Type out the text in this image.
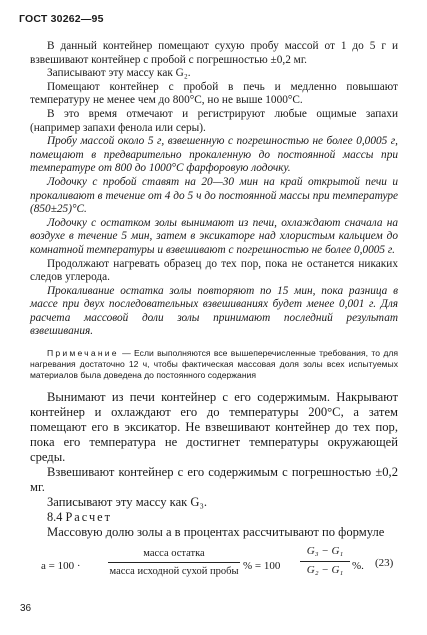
ГОСТ 30262—95

В данный контейнер помещают сухую пробу массой от 1 до 5 г и взвешивают контейнер с пробой с погрешностью ±0,2 мг.

Записывают эту массу как G₂.

Помещают контейнер с пробой в печь и медленно повышают температуру не менее чем до 800°С, но не выше 1000°С.

В это время отмечают и регистрируют любые ощимые запахи (например запахи фенола или серы).

Пробу массой около 5 г, взвешенную с погрешностью не более 0,0005 г, помещают в предварительно прокаленную до постоянной массы при температуре от 800 до 1000°С фарфоровую лодочку.

Лодочку с пробой ставят на 20—30 мин на край открытой печи и прокаливают в течение от 4 до 5 ч до постоянной массы при температуре (850±25)°С.

Лодочку с остатком золы вынимают из печи, охлаждают сначала на воздухе в течение 5 мин, затем в эксикаторе над хлористым кальцием до комнатной температуры и взвешивают с погрешностью не более 0,0005 г.

Продолжают нагревать образец до тех пор, пока не останется никаких следов углерода.

Прокаливание остатка золы повторяют по 15 мин, пока разница в массе при двух последовательных взвешиваниях будет менее 0,001 г. Для расчета массовой доли золы принимают последний результат взвешивания.

Примечание — Если выполняются все вышеперечисленные требования, то для нагревания достаточно 12 ч, чтобы фактическая массовая доля золы всех испытуемых материалов была доведена до постоянного содержания

Вынимают из печи контейнер с его содержимым. Накрывают контейнер и охлаждают его до температуры 200°С, а затем помещают его в эксикатор. Не взвешивают контейнер до тех пор, пока его температура не достигнет температуры окружающей среды.

Взвешивают контейнер с его содержимым с погрешностью ±0,2 мг.

Записывают эту массу как G₃.

8.4 Расчет

Массовую долю золы a в процентах рассчитывают по формуле

a = 100 ·
масса остатка
масса исходной сухой пробы % = $100 \frac{\text{G₃ − G₁}}{\text{G₂ − G₁}}$ %. (23)
36
